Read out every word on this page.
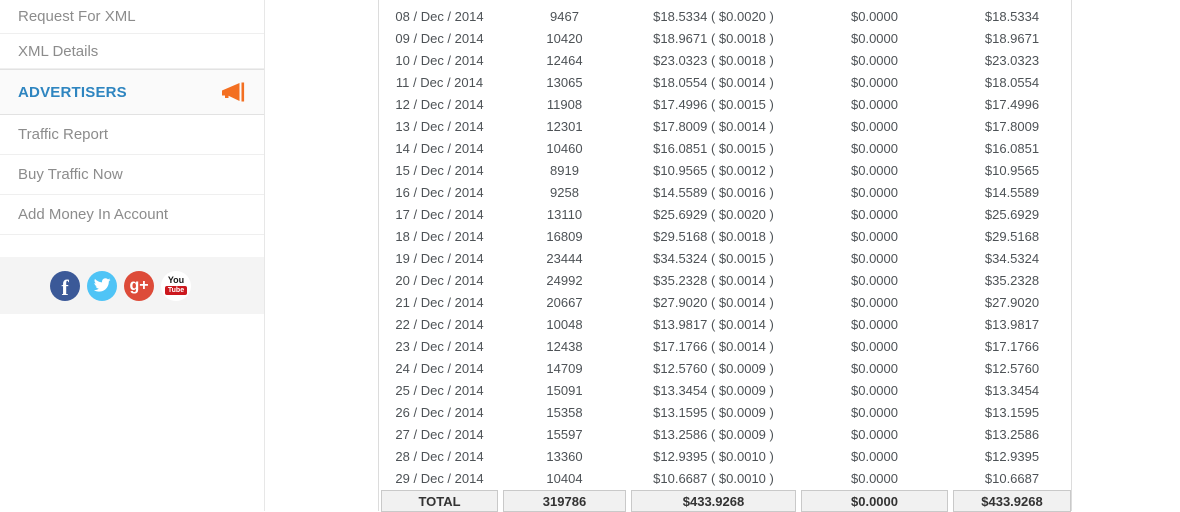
Request For XML
XML Details
ADVERTISERS
Traffic Report
Buy Traffic Now
Add Money In Account
f	g+	You
Tube
08 / Dec / 2014	9467	$18.5334 ( $0.0020 )	$0.0000	$18.5334
09 / Dec / 2014	10420	$18.9671 ( $0.0018 )	$0.0000	$18.9671
10 / Dec / 2014	12464	$23.0323 ( $0.0018 )	$0.0000	$23.0323
11 / Dec / 2014	13065	$18.0554 ( $0.0014 )	$0.0000	$18.0554
12 / Dec / 2014	11908	$17.4996 ( $0.0015 )	$0.0000	$17.4996
13 / Dec / 2014	12301	$17.8009 ( $0.0014 )	$0.0000	$17.8009
14 / Dec / 2014	10460	$16.0851 ( $0.0015 )	$0.0000	$16.0851
15 / Dec / 2014	8919	$10.9565 ( $0.0012 )	$0.0000	$10.9565
16 / Dec / 2014	9258	$14.5589 ( $0.0016 )	$0.0000	$14.5589
17 / Dec / 2014	13110	$25.6929 ( $0.0020 )	$0.0000	$25.6929
18 / Dec / 2014	16809	$29.5168 ( $0.0018 )	$0.0000	$29.5168
19 / Dec / 2014	23444	$34.5324 ( $0.0015 )	$0.0000	$34.5324
20 / Dec / 2014	24992	$35.2328 ( $0.0014 )	$0.0000	$35.2328
21 / Dec / 2014	20667	$27.9020 ( $0.0014 )	$0.0000	$27.9020
22 / Dec / 2014	10048	$13.9817 ( $0.0014 )	$0.0000	$13.9817
23 / Dec / 2014	12438	$17.1766 ( $0.0014 )	$0.0000	$17.1766
24 / Dec / 2014	14709	$12.5760 ( $0.0009 )	$0.0000	$12.5760
25 / Dec / 2014	15091	$13.3454 ( $0.0009 )	$0.0000	$13.3454
26 / Dec / 2014	15358	$13.1595 ( $0.0009 )	$0.0000	$13.1595
27 / Dec / 2014	15597	$13.2586 ( $0.0009 )	$0.0000	$13.2586
28 / Dec / 2014	13360	$12.9395 ( $0.0010 )	$0.0000	$12.9395
29 / Dec / 2014	10404	$10.6687 ( $0.0010 )	$0.0000	$10.6687
TOTAL	319786	$433.9268	$0.0000	$433.9268
